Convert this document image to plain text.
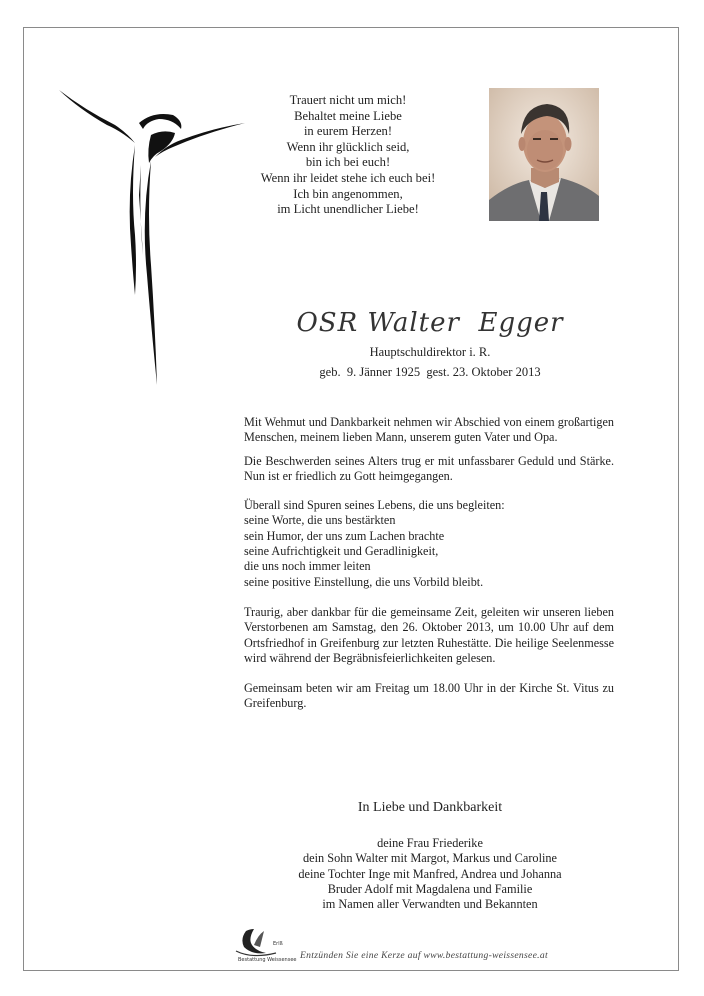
Trauert nicht um mich!
Behaltet meine Liebe
in eurem Herzen!
Wenn ihr glücklich seid,
bin ich bei euch!
Wenn ihr leidet stehe ich euch bei!
Ich bin angenommen,
im Licht unendlicher Liebe!
OSR Walter  Egger
Hauptschuldirektor i. R.
geb.  9. Jänner 1925  gest. 23. Oktober 2013

Mit Wehmut und Dankbarkeit nehmen wir Abschied von einem großartigen Menschen, meinem lieben Mann, unserem guten Vater und Opa.

Die Beschwerden seines Alters trug er mit unfassbarer Geduld und Stärke. Nun ist er friedlich zu Gott heimgegangen.

Überall sind Spuren seines Lebens, die uns begleiten:
seine Worte, die uns bestärkten
sein Humor, der uns zum Lachen brachte
seine Aufrichtigkeit und Geradlinigkeit,
die uns noch immer leiten
seine positive Einstellung, die uns Vorbild bleibt.

Traurig, aber dankbar für die gemeinsame Zeit, geleiten wir unseren lieben Verstorbenen am Samstag, den 26. Oktober 2013, um 10.00 Uhr auf dem Ortsfriedhof in Greifenburg zur letzten Ruhestätte. Die heilige Seelenmesse wird während der Begräbnisfeierlichkeiten gelesen.

Gemeinsam beten wir am Freitag um 18.00 Uhr in der Kirche St. Vitus zu Greifenburg.

In Liebe und Dankbarkeit
deine Frau Friederike
dein Sohn Walter mit Margot, Markus und Caroline
deine Tochter Inge mit Manfred, Andrea und Johanna
Bruder Adolf mit Magdalena und Familie
im Namen aller Verwandten und Bekannten
Erlß
Bestattung Weissensee Entzünden Sie eine Kerze auf www.bestattung-weissensee.at
